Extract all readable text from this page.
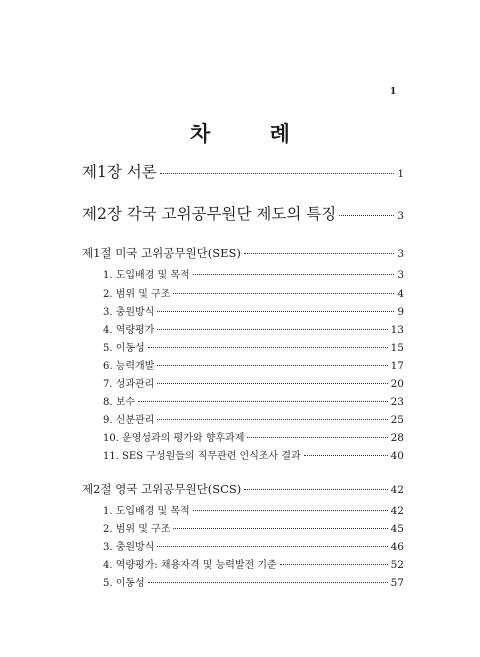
1
차 례
제1장 서론	1
제2장 각국 고위공무원단 제도의 특징	3
제1절 미국 고위공무원단(SES)	3
1. 도입배경 및 목적	3
2. 범위 및 구조	4
3. 충원방식	9
4. 역량평가	13
5. 이동성	15
6. 능력개발	17
7. 성과관리	20
8. 보수	23
9. 신분관리	25
10. 운영성과의 평가와 향후과제	28
11. SES 구성원들의 직무관련 인식조사 결과	40
제2절 영국 고위공무원단(SCS)	42
1. 도입배경 및 목적	42
2. 범위 및 구조	45
3. 충원방식	46
4. 역량평가: 채용자격 및 능력발전 기준	52
5. 이동성	57
